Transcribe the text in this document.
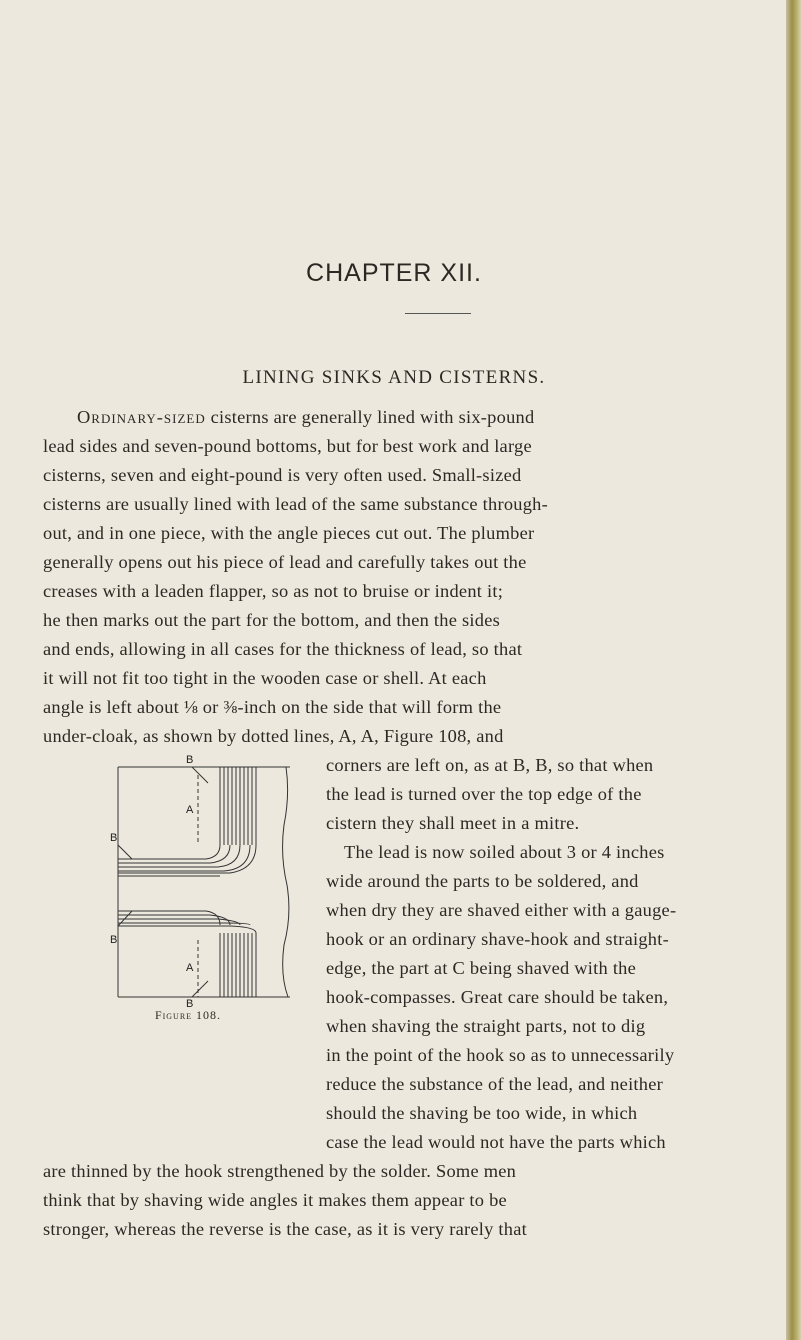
CHAPTER XII.
LINING SINKS AND CISTERNS.
Ordinary-sized cisterns are generally lined with six-pound
lead sides and seven-pound bottoms, but for best work and large
cisterns, seven and eight-pound is very often used. Small-sized
cisterns are usually lined with lead of the same substance through-
out, and in one piece, with the angle pieces cut out. The plumber
generally opens out his piece of lead and carefully takes out the
creases with a leaden flapper, so as not to bruise or indent it;
he then marks out the part for the bottom, and then the sides
and ends, allowing in all cases for the thickness of lead, so that
it will not fit too tight in the wooden case or shell. At each
angle is left about ⅛ or ⅜-inch on the side that will form the
under-cloak, as shown by dotted lines, A, A, Figure 108, and
corners are left on, as at B, B, so that when
the lead is turned over the top edge of the
cistern they shall meet in a mitre.
The lead is now soiled about 3 or 4 inches
wide around the parts to be soldered, and
when dry they are shaved either with a gauge-
hook or an ordinary shave-hook and straight-
edge, the part at C being shaved with the
hook-compasses. Great care should be taken,
when shaving the straight parts, not to dig
in the point of the hook so as to unnecessarily
reduce the substance of the lead, and neither
should the shaving be too wide, in which
case the lead would not have the parts which
are thinned by the hook strengthened by the solder. Some men
think that by shaving wide angles it makes them appear to be
stronger, whereas the reverse is the case, as it is very rarely that
B
A
B
B
A
B
Figure 108.
